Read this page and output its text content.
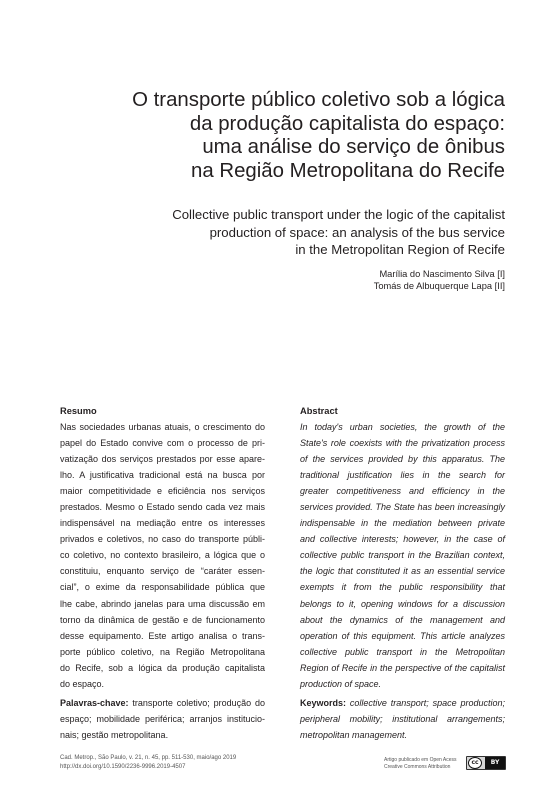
O transporte público coletivo sob a lógica
da produção capitalista do espaço:
uma análise do serviço de ônibus
na Região Metropolitana do Recife
Collective public transport under the logic of the capitalist
production of space: an analysis of the bus service
in the Metropolitan Region of Recife
Marília do Nascimento Silva [I]
Tomás de Albuquerque Lapa [II]
Resumo
Nas sociedades urbanas atuais, o crescimento do
papel do Estado convive com o processo de pri-
vatização dos serviços prestados por esse apare-
lho. A justificativa tradicional está na busca por
maior competitividade e eficiência nos serviços
prestados. Mesmo o Estado sendo cada vez mais
indispensável na mediação entre os interesses
privados e coletivos, no caso do transporte públi-
co coletivo, no contexto brasileiro, a lógica que o
constituiu, enquanto serviço de “caráter essen-
cial”, o exime da responsabilidade pública que
lhe cabe, abrindo janelas para uma discussão em
torno da dinâmica de gestão e de funcionamento
desse equipamento. Este artigo analisa o trans-
porte público coletivo, na Região Metropolitana
do Recife, sob a lógica da produção capitalista
do espaço.
Palavras-chave: transporte coletivo; produção do
espaço; mobilidade periférica; arranjos institucio-
nais; gestão metropolitana.
Abstract
In today's urban societies, the growth of the
State's role coexists with the privatization process
of the services provided by this apparatus. The
traditional justification lies in the search for
greater competitiveness and efficiency in the
services provided. The State has been increasingly
indispensable in the mediation between private
and collective interests; however, in the case of
collective public transport in the Brazilian context,
the logic that constituted it as an essential service
exempts it from the public responsibility that
belongs to it, opening windows for a discussion
about the dynamics of the management and
operation of this equipment. This article analyzes
collective public transport in the Metropolitan
Region of Recife in the perspective of the capitalist
production of space.
Keywords: collective transport; space production;
peripheral mobility; institutional arrangements;
metropolitan management.
Cad. Metrop., São Paulo, v. 21, n. 45, pp. 511-530, maio/ago 2019
http://dx.doi.org/10.1590/2236-9996.2019-4507
Artigo publicado em Open Acess
Creative Commons Attribution
cc	BY
